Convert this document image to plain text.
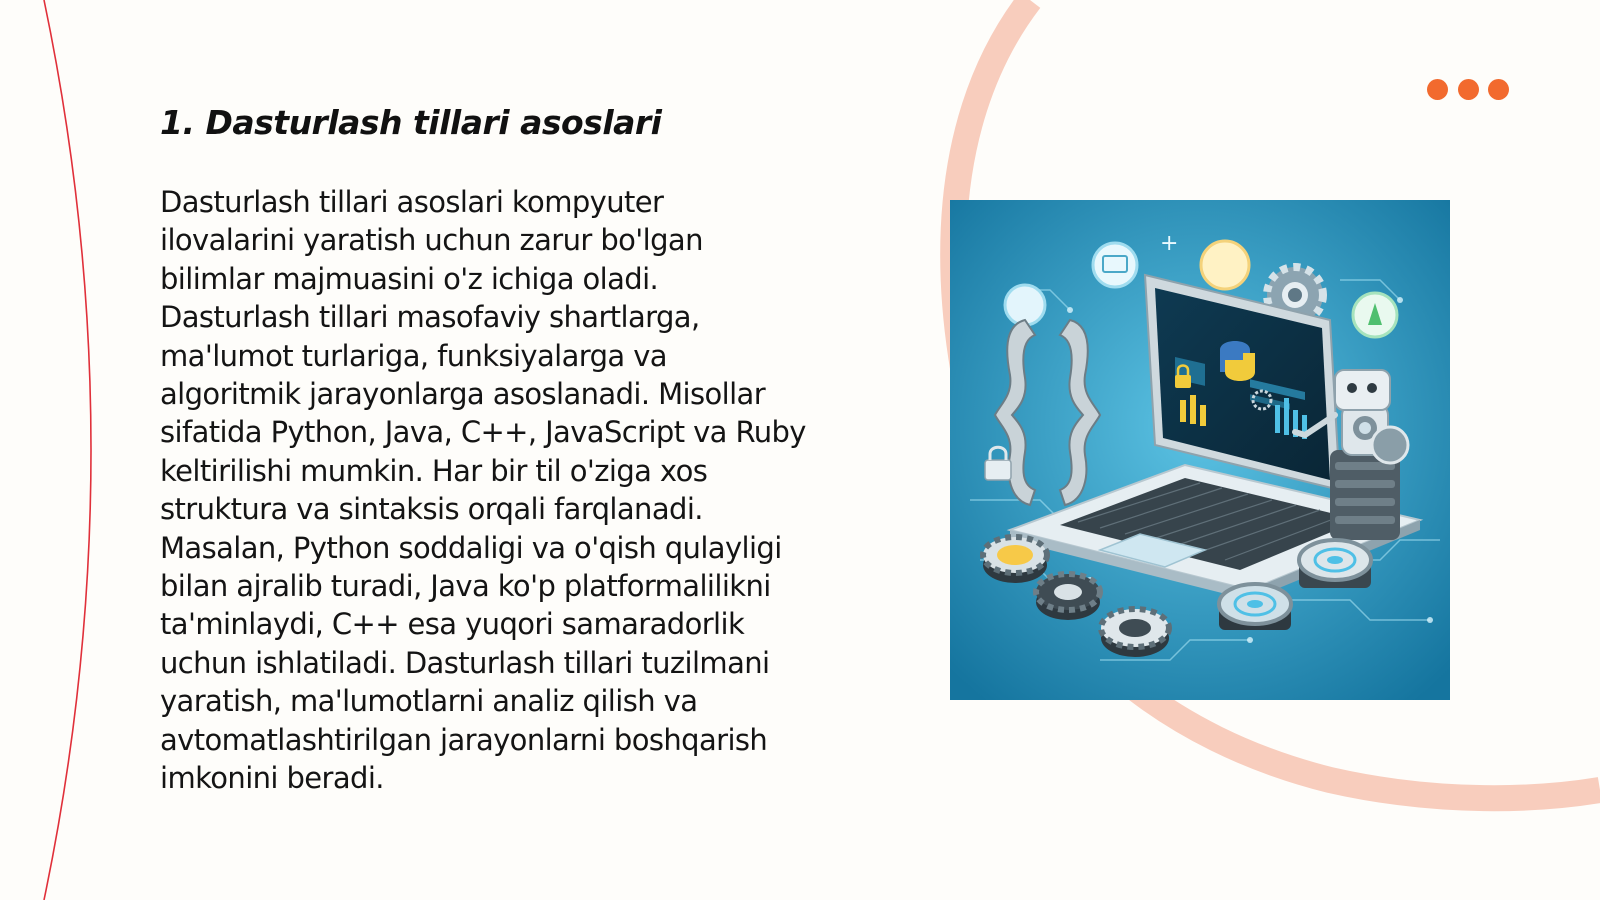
1. Dasturlash tillari asoslari
Dasturlash tillari asoslari kompyuter
ilovalarini yaratish uchun zarur bo'lgan
bilimlar majmuasini o'z ichiga oladi.
Dasturlash tillari masofaviy shartlarga,
ma'lumot turlariga, funksiyalarga va
algoritmik jarayonlarga asoslanadi. Misollar
sifatida Python, Java, C++, JavaScript va Ruby
keltirilishi mumkin. Har bir til o'ziga xos
struktura va sintaksis orqali farqlanadi.
Masalan, Python soddaligi va o'qish qulayligi
bilan ajralib turadi, Java ko'p platformalilikni
ta'minlaydi, C++ esa yuqori samaradorlik
uchun ishlatiladi. Dasturlash tillari tuzilmani
yaratish, ma'lumotlarni analiz qilish va
avtomatlashtirilgan jarayonlarni boshqarish
imkonini beradi.
+
